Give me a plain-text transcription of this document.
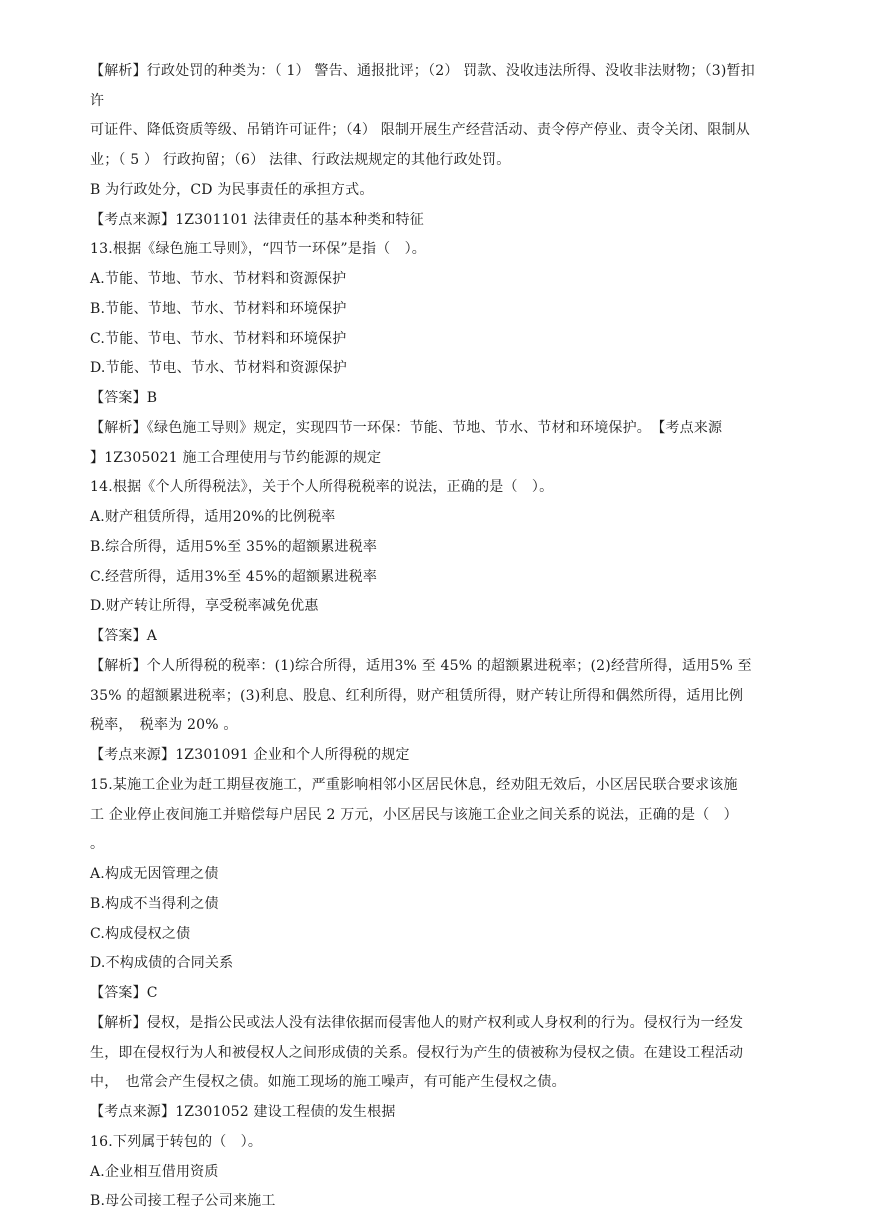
【解析】行政处罚的种类为：（ 1） 警告、通报批评；（2） 罚款、没收违法所得、没收非法财物；（3)暂扣
许
可证件、降低资质等级、吊销许可证件；（4） 限制开展生产经营活动、责令停产停业、责令关闭、限制从
业；（ 5 ） 行政拘留；（6） 法律、行政法规规定的其他行政处罚。
B 为行政处分，CD 为民事责任的承担方式。
【考点来源】1Z301101 法律责任的基本种类和特征
13.根据《绿色施工导则》，“四节一环保”是指（　）。
A.节能、节地、节水、节材料和资源保护
B.节能、节地、节水、节材料和环境保护
C.节能、节电、节水、节材料和环境保护
D.节能、节电、节水、节材料和资源保护
【答案】B
【解析】《绿色施工导则》规定，实现四节一环保：节能、节地、节水、节材和环境保护。　【考点来源
】1Z305021 施工合理使用与节约能源的规定
14.根据《个人所得税法》，关于个人所得税税率的说法，正确的是（　）。
A.财产租赁所得，适用20%的比例税率
B.综合所得，适用5%至 35%的超额累进税率
C.经营所得，适用3%至 45%的超额累进税率
D.财产转让所得，享受税率减免优惠
【答案】A
【解析】个人所得税的税率：(1)综合所得，适用3% 至 45% 的超额累进税率；(2)经营所得，适用5% 至
35% 的超额累进税率；(3)利息、股息、红利所得，财产租赁所得，财产转让所得和偶然所得，适用比例
税率，　税率为 20% 。
【考点来源】1Z301091 企业和个人所得税的规定
15.某施工企业为赶工期昼夜施工，严重影响相邻小区居民休息，经劝阻无效后，小区居民联合要求该施
工 企业停止夜间施工并赔偿每户居民 2 万元，小区居民与该施工企业之间关系的说法，正确的是（　）
。
A.构成无因管理之债
B.构成不当得利之债
C.构成侵权之债
D.不构成债的合同关系
【答案】C
【解析】侵权，是指公民或法人没有法律依据而侵害他人的财产权利或人身权利的行为。侵权行为一经发
生，即在侵权行为人和被侵权人之间形成债的关系。侵权行为产生的债被称为侵权之债。在建设工程活动
中，　也常会产生侵权之债。如施工现场的施工噪声，有可能产生侵权之债。
【考点来源】1Z301052 建设工程债的发生根据
16.下列属于转包的（　）。
A.企业相互借用资质
B.母公司接工程子公司来施工
